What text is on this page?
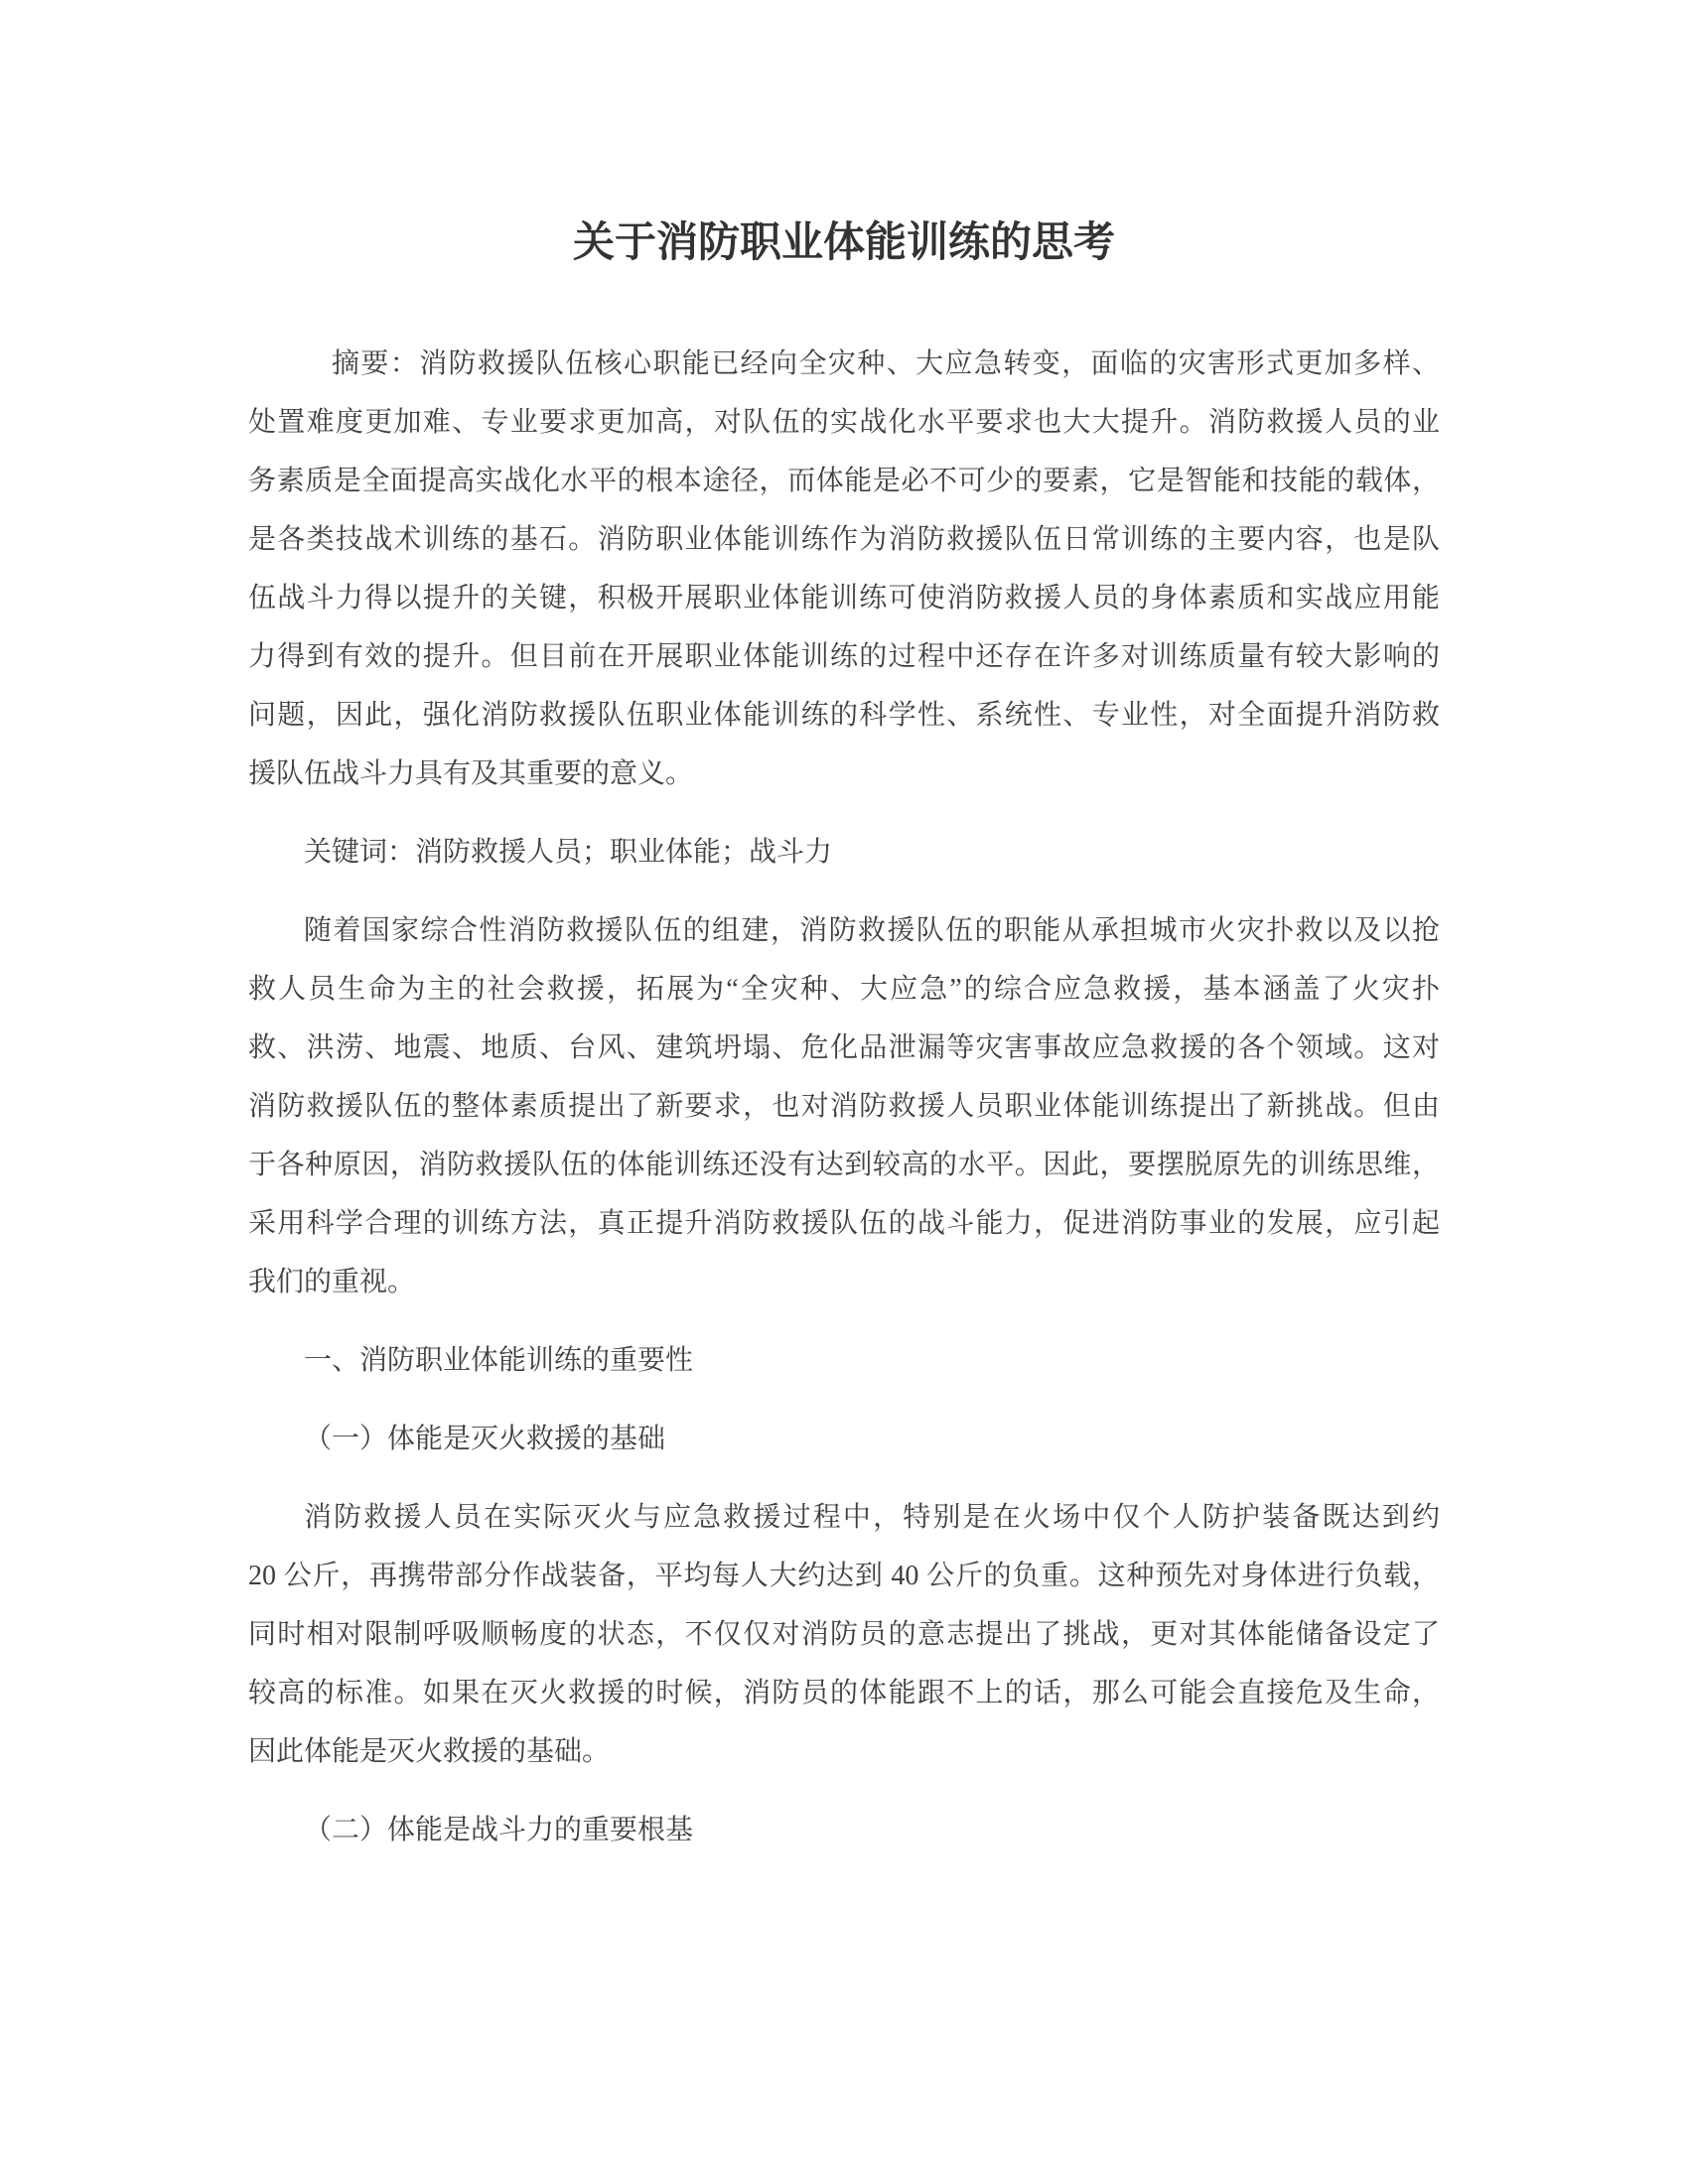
关于消防职业体能训练的思考
摘要：消防救援队伍核心职能已经向全灾种、大应急转变，面临的灾害形式更加多样、
处置难度更加难、专业要求更加高，对队伍的实战化水平要求也大大提升。消防救援人员的业
务素质是全面提高实战化水平的根本途径，而体能是必不可少的要素，它是智能和技能的载体，
是各类技战术训练的基石。消防职业体能训练作为消防救援队伍日常训练的主要内容，也是队
伍战斗力得以提升的关键，积极开展职业体能训练可使消防救援人员的身体素质和实战应用能
力得到有效的提升。但目前在开展职业体能训练的过程中还存在许多对训练质量有较大影响的
问题，因此，强化消防救援队伍职业体能训练的科学性、系统性、专业性，对全面提升消防救
援队伍战斗力具有及其重要的意义。
关键词：消防救援人员；职业体能；战斗力
随着国家综合性消防救援队伍的组建，消防救援队伍的职能从承担城市火灾扑救以及以抢
救人员生命为主的社会救援，拓展为“全灾种、大应急”的综合应急救援，基本涵盖了火灾扑
救、洪涝、地震、地质、台风、建筑坍塌、危化品泄漏等灾害事故应急救援的各个领域。这对
消防救援队伍的整体素质提出了新要求，也对消防救援人员职业体能训练提出了新挑战。但由
于各种原因，消防救援队伍的体能训练还没有达到较高的水平。因此，要摆脱原先的训练思维，
采用科学合理的训练方法，真正提升消防救援队伍的战斗能力，促进消防事业的发展，应引起
我们的重视。
一、消防职业体能训练的重要性
（一）体能是灭火救援的基础
消防救援人员在实际灭火与应急救援过程中，特别是在火场中仅个人防护装备既达到约
20 公斤，再携带部分作战装备，平均每人大约达到 40 公斤的负重。这种预先对身体进行负载，
同时相对限制呼吸顺畅度的状态，不仅仅对消防员的意志提出了挑战，更对其体能储备设定了
较高的标准。如果在灭火救援的时候，消防员的体能跟不上的话，那么可能会直接危及生命，
因此体能是灭火救援的基础。
（二）体能是战斗力的重要根基
